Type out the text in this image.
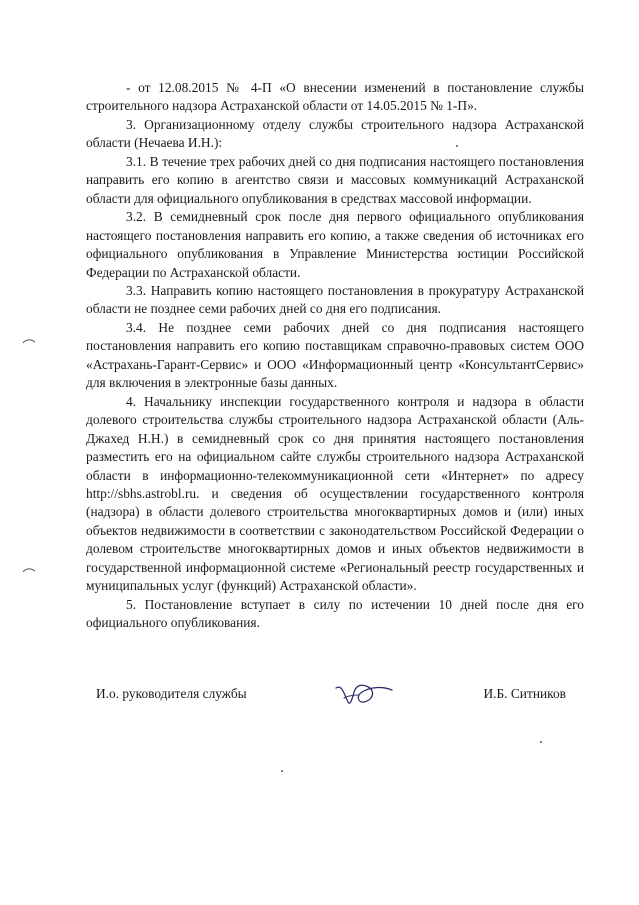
- от 12.08.2015 № 4-П «О внесении изменений в постановление службы строительного надзора Астраханской области от 14.05.2015 № 1-П».

3. Организационному отделу службы строительного надзора Астраханской области (Нечаева И.Н.):

3.1. В течение трех рабочих дней со дня подписания настоящего постановления направить его копию в агентство связи и массовых коммуникаций Астраханской области для официального опубликования в средствах массовой информации.

3.2. В семидневный срок после дня первого официального опубликования настоящего постановления направить его копию, а также сведения об источниках его официального опубликования в Управление Министерства юстиции Российской Федерации по Астраханской области.

3.3. Направить копию настоящего постановления в прокуратуру Астраханской области не позднее семи рабочих дней со дня его подписания.

3.4. Не позднее семи рабочих дней со дня подписания настоящего постановления направить его копию поставщикам справочно-правовых систем ООО «Астрахань-Гарант-Сервис» и ООО «Информационный центр «КонсультантСервис» для включения в электронные базы данных.

4. Начальнику инспекции государственного контроля и надзора в области долевого строительства службы строительного надзора Астраханской области (Аль-Джахед Н.Н.) в семидневный срок со дня принятия настоящего постановления разместить его на официальном сайте службы строительного надзора Астраханской области в информационно-телекоммуникационной сети «Интернет» по адресу http://sbhs.astrobl.ru. и сведения об осуществлении государственного контроля (надзора) в области долевого строительства многоквартирных домов и (или) иных объектов недвижимости в соответствии с законодательством Российской Федерации о долевом строительстве многоквартирных домов и иных объектов недвижимости в государственной информационной системе «Региональный реестр государственных и муниципальных услуг (функций) Астраханской области».

5. Постановление вступает в силу по истечении 10 дней после дня его официального опубликования.

И.о. руководителя службы	И.Б. Ситников
